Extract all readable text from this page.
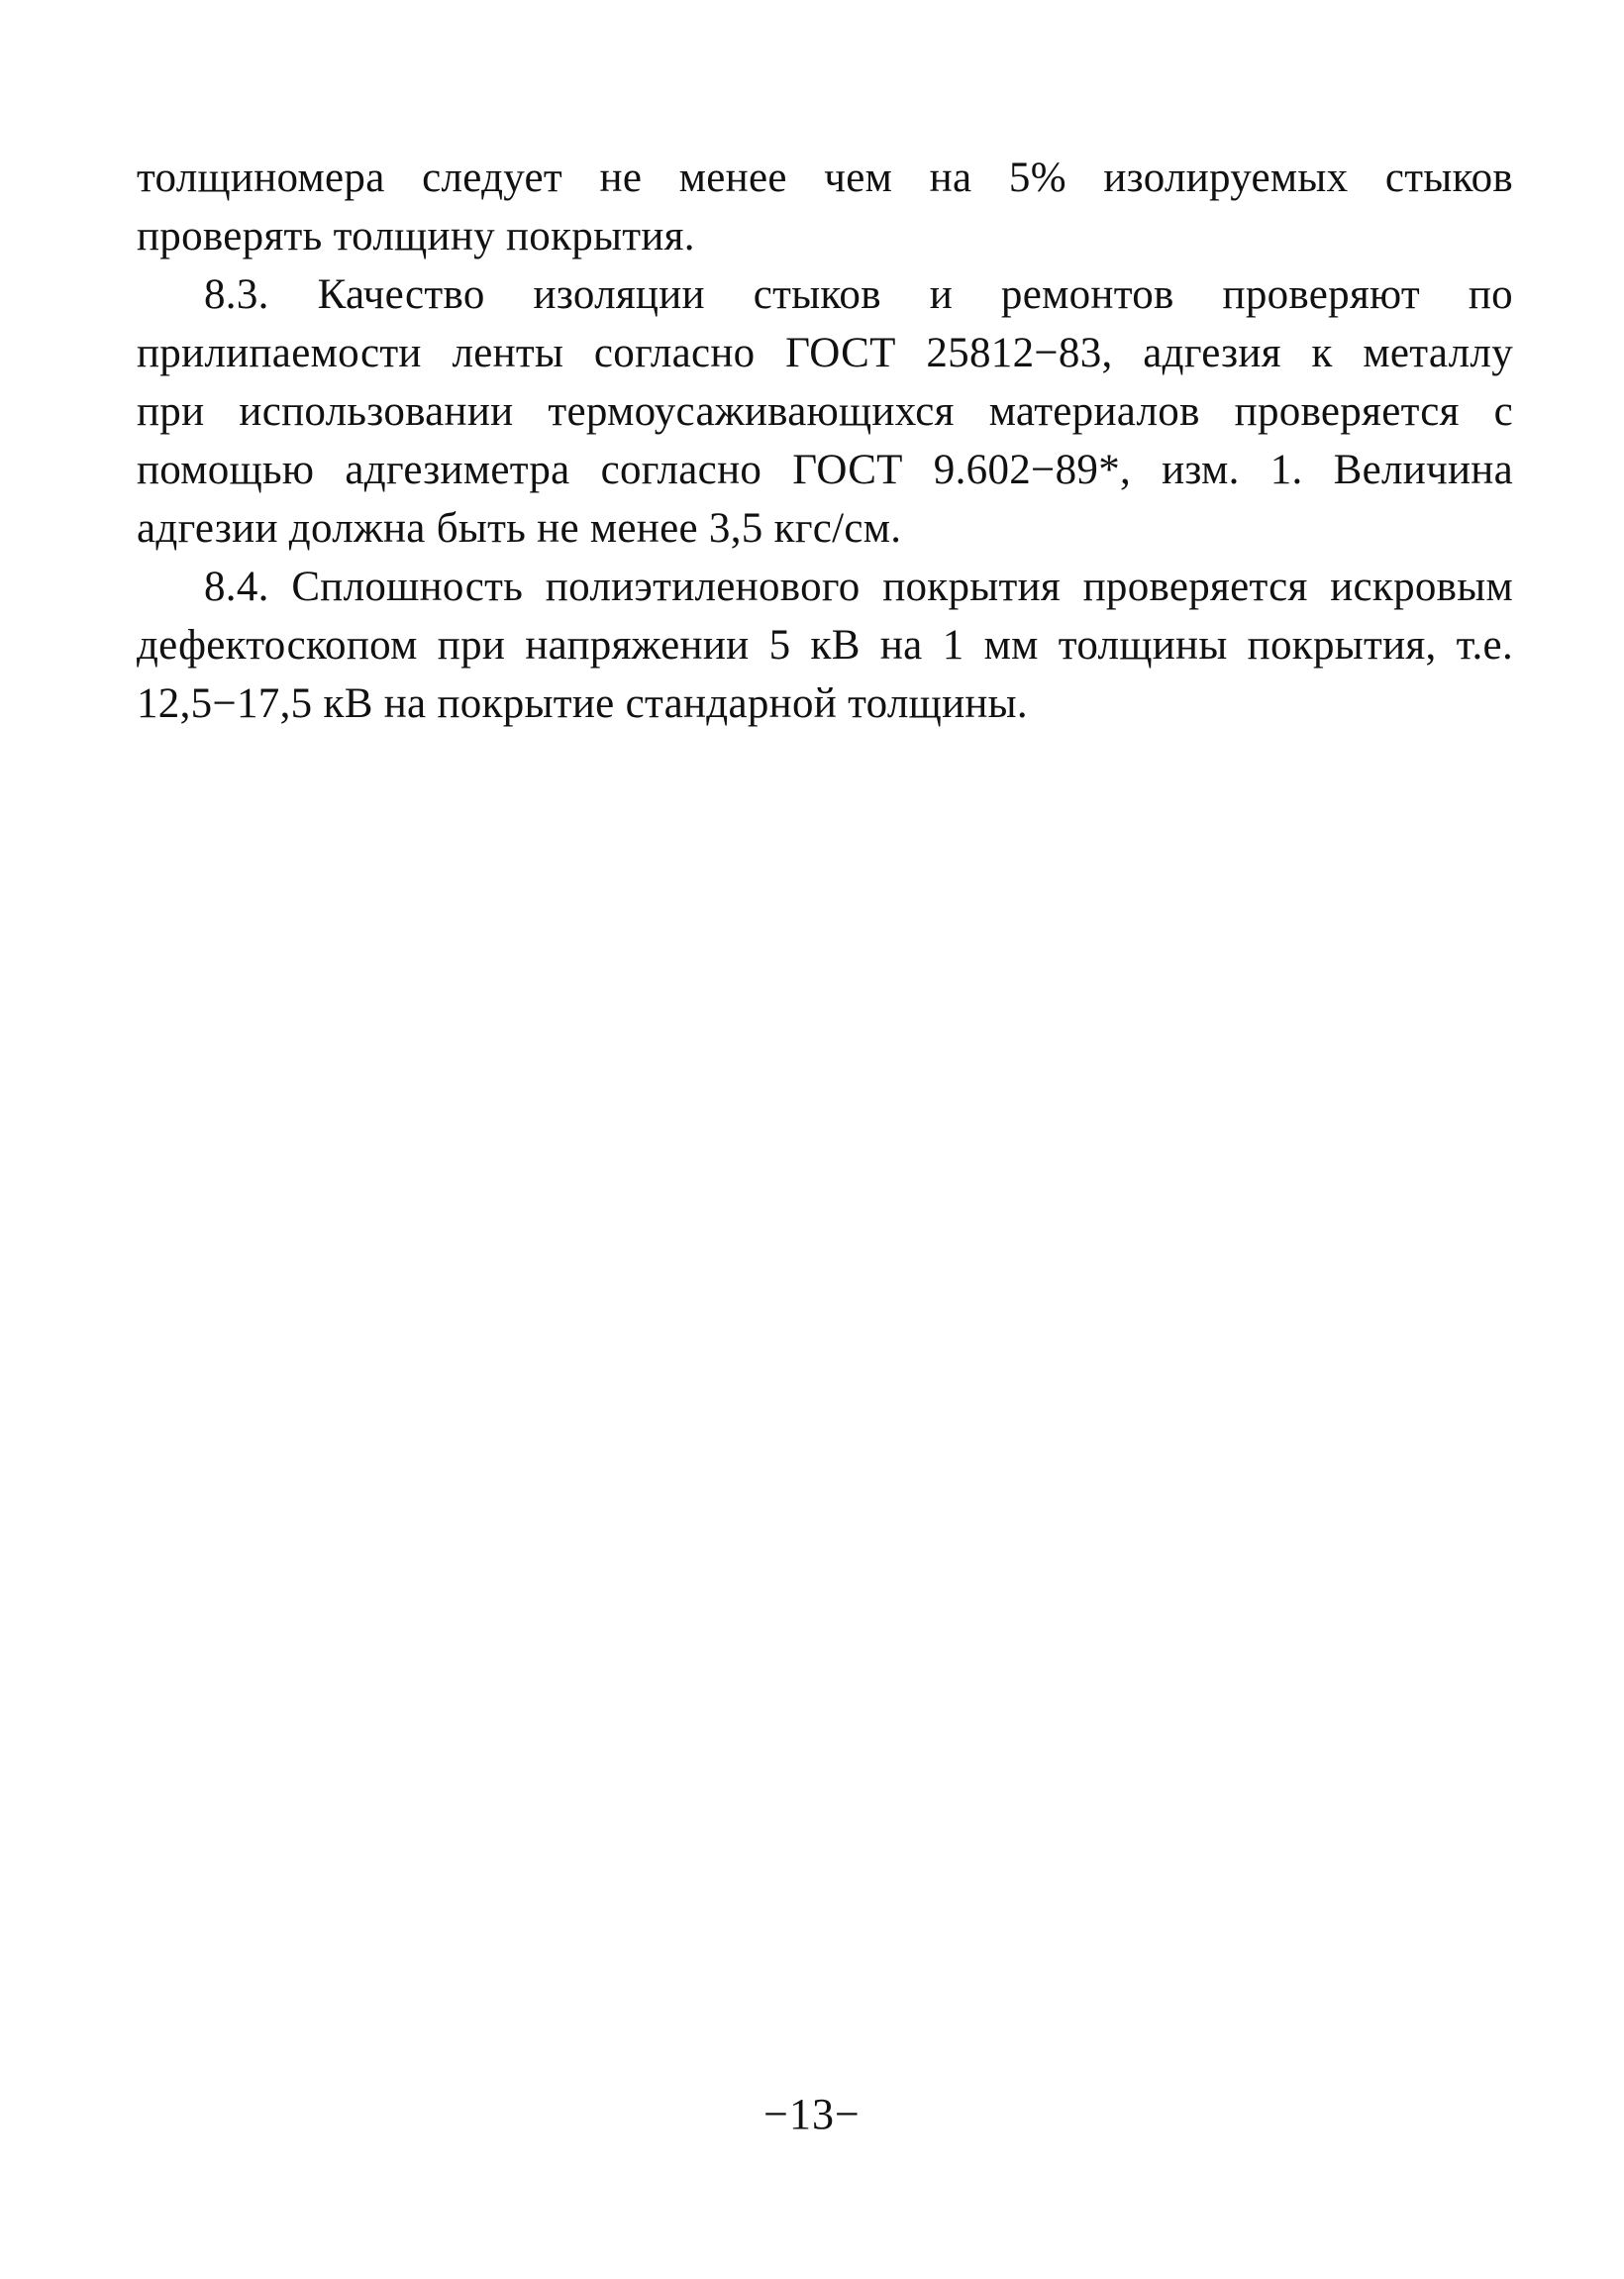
толщиномера следует не менее чем на 5% изолируемых стыков
проверять толщину покрытия.
8.3. Качество изоляции стыков и ремонтов проверяют по
прилипаемости ленты согласно ГОСТ 25812−83, адгезия к металлу
при использовании термоусаживающихся материалов проверяется с
помощью адгезиметра согласно ГОСТ 9.602−89*, изм. 1. Величина
адгезии должна быть не менее 3,5 кгс/см.
8.4. Сплошность полиэтиленового покрытия проверяется искровым
дефектоскопом при напряжении 5 кВ на 1 мм толщины покрытия, т.е.
12,5−17,5 кВ на покрытие стандарной толщины.
−13−
